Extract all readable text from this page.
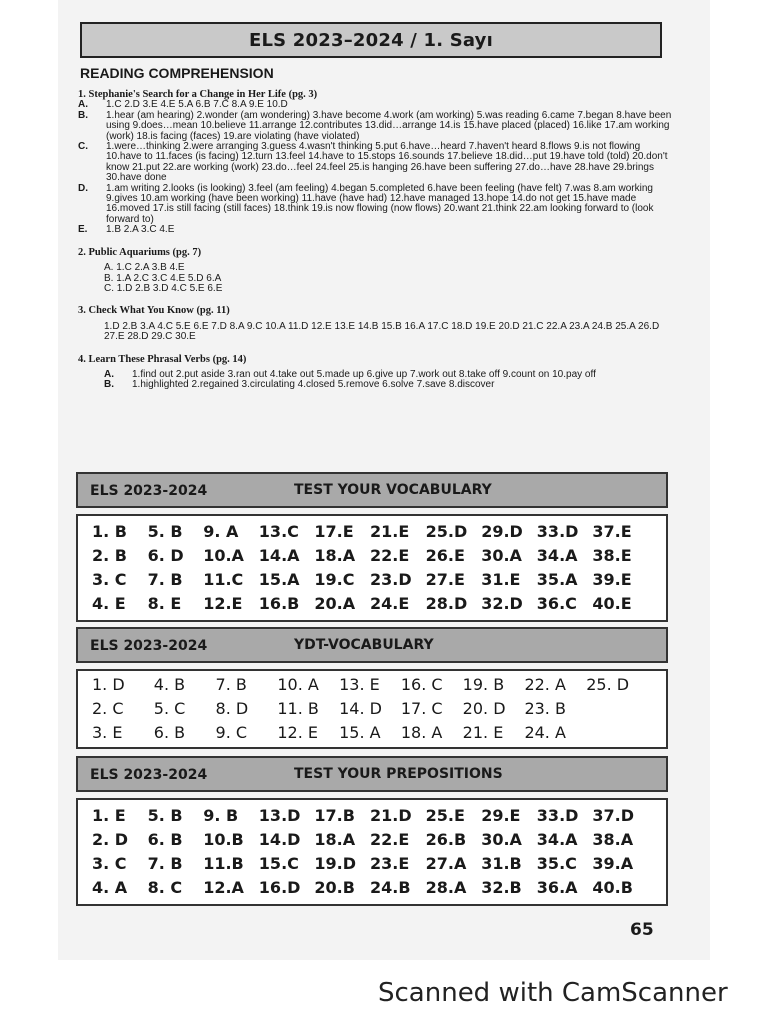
ELS 2023–2024 / 1. Sayı
READING COMPREHENSION
1. Stephanie's Search for a Change in Her Life (pg. 3)
A.	1.C 2.D 3.E 4.E 5.A 6.B 7.C 8.A 9.E 10.D
B.	1.hear (am hearing) 2.wonder (am wondering) 3.have become 4.work (am working) 5.was reading 6.came 7.began 8.have been using 9.does…mean 10.believe 11.arrange 12.contributes 13.did…arrange 14.is 15.have placed (placed) 16.like 17.am working (work) 18.is facing (faces) 19.are violating (have violated)
C.	1.were…thinking 2.were arranging 3.guess 4.wasn't thinking 5.put 6.have…heard 7.haven't heard 8.flows 9.is not flowing 10.have to 11.faces (is facing) 12.turn 13.feel 14.have to 15.stops 16.sounds 17.believe 18.did…put 19.have told (told) 20.don't know 21.put 22.are working (work) 23.do…feel 24.feel 25.is hanging 26.have been suffering 27.do…have 28.have 29.brings 30.have done
D.	1.am writing 2.looks (is looking) 3.feel (am feeling) 4.began 5.completed 6.have been feeling (have felt) 7.was 8.am working 9.gives 10.am working (have been working) 11.have (have had) 12.have managed 13.hope 14.do not get 15.have made 16.moved 17.is still facing (still faces) 18.think 19.is now flowing (now flows) 20.want 21.think 22.am looking forward to (look forward to)
E.	1.B 2.A 3.C 4.E
2. Public Aquariums (pg. 7)
A. 1.C 2.A 3.B 4.E
B. 1.A 2.C 3.C 4.E 5.D 6.A
C. 1.D 2.B 3.D 4.C 5.E 6.E
3. Check What You Know (pg. 11)
1.D 2.B 3.A 4.C 5.E 6.E 7.D 8.A 9.C 10.A 11.D 12.E 13.E 14.B 15.B 16.A 17.C 18.D 19.E 20.D 21.C 22.A 23.A 24.B 25.A 26.D 27.E 28.D 29.C 30.E
4. Learn These Phrasal Verbs (pg. 14)
A.	1.find out 2.put aside 3.ran out 4.take out 5.made up 6.give up 7.work out 8.take off 9.count on 10.pay off
B.	1.highlighted 2.regained 3.circulating 4.closed 5.remove 6.solve 7.save 8.discover
ELS 2023-2024	TEST YOUR VOCABULARY
1. B	5. B	9. A	13.C 17.E	21.E	25.D 29.D 33.D 37.E
2. B	6. D	10.A 14.A 18.A 22.E	26.E	30.A 34.A 38.E
3. C	7. B	11.C 15.A 19.C 23.D 27.E	31.E	35.A 39.E
4. E	8. E	12.E	16.B 20.A 24.E	28.D 32.D 36.C 40.E
ELS 2023-2024	YDT-VOCABULARY
1. D	4. B	7. B	10. A	13. E	16. C	19. B	22. A	25. D
2. C	5. C	8. D	11. B	14. D	17. C	20. D	23. B
3. E	6. B	9. C	12. E	15. A	18. A	21. E	24. A
ELS 2023-2024	TEST YOUR PREPOSITIONS
1. E	5. B	9. B	13.D 17.B 21.D 25.E	29.E	33.D 37.D
2. D	6. B	10.B 14.D 18.A 22.E	26.B 30.A 34.A 38.A
3. C	7. B	11.B 15.C 19.D 23.E	27.A 31.B 35.C 39.A
4. A	8. C	12.A 16.D 20.B 24.B 28.A 32.B 36.A 40.B
65
Scanned with CamScanner
